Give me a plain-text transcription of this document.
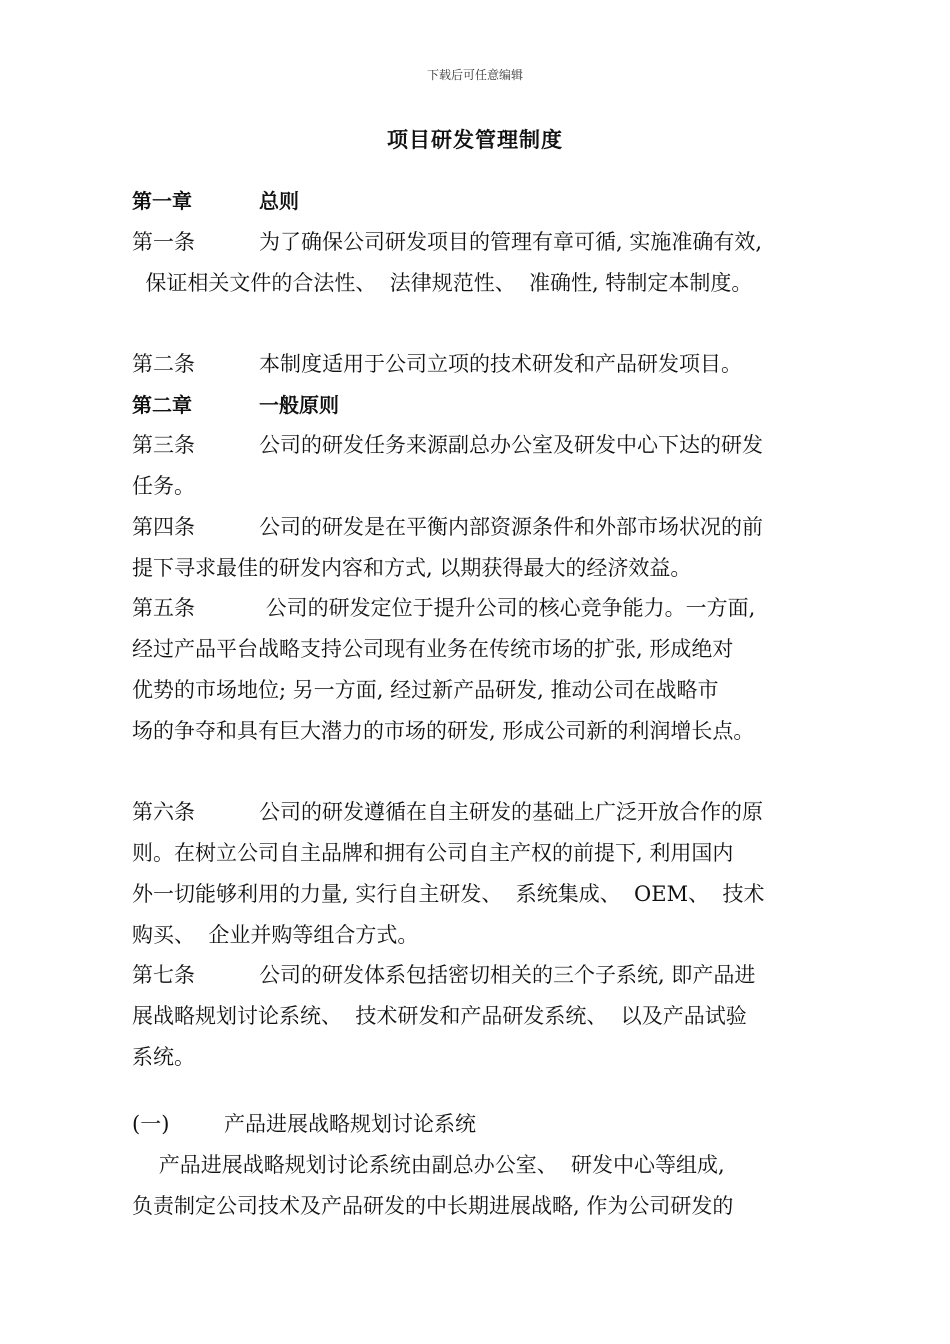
下载后可任意编辑
项目研发管理制度
第一章	总则
第一条	为了确保公司研发项目的管理有章可循, 实施准确有效,
保证相关文件的合法性、  法律规范性、  准确性, 特制定本制度。
第二条	本制度适用于公司立项的技术研发和产品研发项目。
第二章	一般原则
第三条	公司的研发任务来源副总办公室及研发中心下达的研发
任务。
第四条	公司的研发是在平衡内部资源条件和外部市场状况的前
提下寻求最佳的研发内容和方式, 以期获得最大的经济效益。
第五条	公司的研发定位于提升公司的核心竞争能力。一方面,
经过产品平台战略支持公司现有业务在传统市场的扩张, 形成绝对
优势的市场地位; 另一方面, 经过新产品研发, 推动公司在战略市
场的争夺和具有巨大潜力的市场的研发, 形成公司新的利润增长点。
第六条	公司的研发遵循在自主研发的基础上广泛开放合作的原
则。在树立公司自主品牌和拥有公司自主产权的前提下, 利用国内
外一切能够利用的力量, 实行自主研发、  系统集成、  OEM、  技术
购买、  企业并购等组合方式。
第七条	公司的研发体系包括密切相关的三个子系统, 即产品进
展战略规划讨论系统、  技术研发和产品研发系统、  以及产品试验
系统。
(一)	产品进展战略规划讨论系统
产品进展战略规划讨论系统由副总办公室、  研发中心等组成,
负责制定公司技术及产品研发的中长期进展战略, 作为公司研发的
